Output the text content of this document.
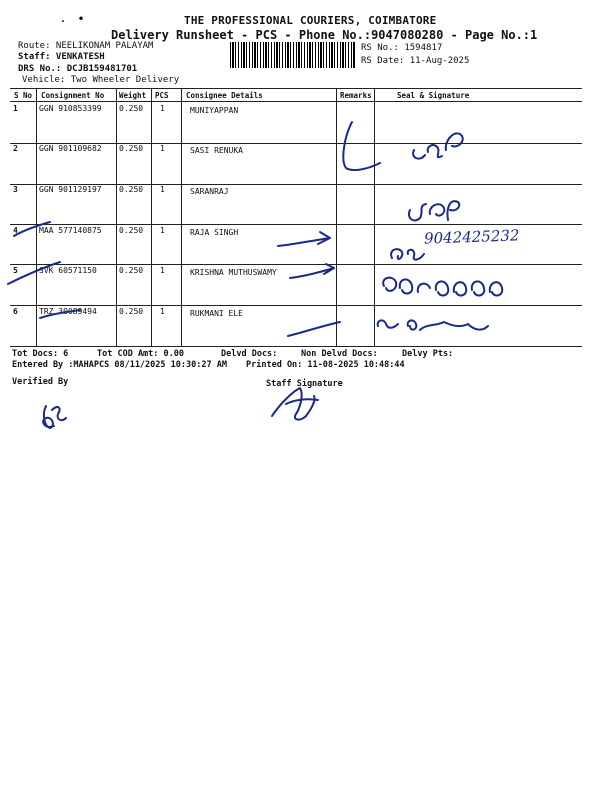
.  •	THE PROFESSIONAL COURIERS, COIMBATORE
Delivery Runsheet - PCS - Phone No.:9047080280 - Page No.:1
Route: NEELIKONAM PALAYAM
Staff: VENKATESH
DRS No.: DCJB159481701
Vehicle: Two Wheeler Delivery
RS No.: 1594817
RS Date: 11-Aug-2025
S No Consignment No Weight PCS Consignee Details	Remarks	Seal & Signature
1	GGN 910853399 0.250 1	MUNIYAPPAN
2	GGN 901109682 0.250 1	SASI RENUKA
3	GGN 901129197 0.250 1	SARANRAJ
4	MAA 577140875 0.250 1	RAJA SINGH
5	SVK 60571150	0.250 1	KRISHNA MUTHUSWAMY
6	TRZ 30089494	0.250 1	RUKMANI ELE
9042425232
Tot Docs: 6	Tot COD Amt: 0.00	Delvd Docs:	Non Delvd Docs:	Delvy Pts:
Entered By :MAHAPCS 08/11/2025 10:30:27 AM Printed On: 11-08-2025 10:48:44
Verified By	Staff Signature
